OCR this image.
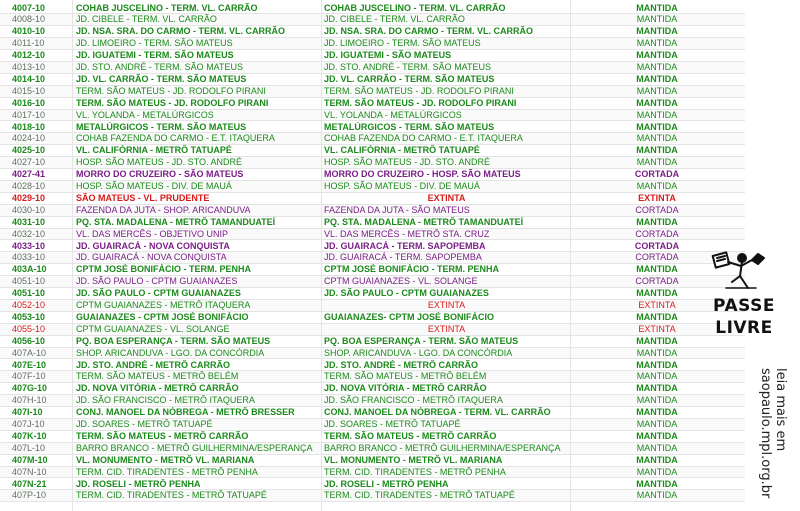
4007-10	COHAB JUSCELINO - TERM. VL. CARRÃO	COHAB JUSCELINO - TERM. VL. CARRÃO	MANTIDA
4008-10	JD. CIBELE - TERM. VL. CARRÃO	JD. CIBELE - TERM. VL. CARRÃO	MANTIDA
4010-10	JD. NSA. SRA. DO CARMO - TERM. VL. CARRÃO	JD. NSA. SRA. DO CARMO - TERM. VL. CARRÃO	MANTIDA
4011-10	JD. LIMOEIRO - TERM. SÃO MATEUS	JD. LIMOEIRO - TERM. SÃO MATEUS	MANTIDA
4012-10	JD. IGUATEMI - TERM. SÃO MATEUS	JD. IGUATEMI - SÃO MATEUS	MANTIDA
4013-10	JD. STO. ANDRÉ - TERM. SÃO MATEUS	JD. STO. ANDRÉ - TERM. SÃO MATEUS	MANTIDA
4014-10	JD. VL. CARRÃO - TERM. SÃO MATEUS	JD. VL. CARRÃO - TERM. SÃO MATEUS	MANTIDA
4015-10	TERM. SÃO MATEUS - JD. RODOLFO PIRANI	TERM. SÃO MATEUS - JD. RODOLFO PIRANI	MANTIDA
4016-10	TERM. SÃO MATEUS - JD. RODOLFO PIRANI	TERM. SÃO MATEUS - JD. RODOLFO PIRANI	MANTIDA
4017-10	VL. YOLANDA - METALÚRGICOS	VL. YOLANDA - METALÚRGICOS	MANTIDA
4018-10	METALÚRGICOS - TERM. SÃO MATEUS	METALÚRGICOS - TERM. SÃO MATEUS	MANTIDA
4024-10	COHAB FAZENDA DO CARMO - E.T. ITAQUERA	COHAB FAZENDA DO CARMO - E.T. ITAQUERA	MANTIDA
4025-10	VL. CALIFÓRNIA - METRÔ TATUAPÉ	VL. CALIFÓRNIA - METRÔ TATUAPÉ	MANTIDA
4027-10	HOSP. SÃO MATEUS - JD. STO. ANDRÉ	HOSP. SÃO MATEUS - JD. STO. ANDRÉ	MANTIDA
4027-41	MORRO DO CRUZEIRO - SÃO MATEUS	MORRO DO CRUZEIRO - HOSP. SÃO MATEUS	CORTADA
4028-10	HOSP. SÃO MATEUS - DIV. DE MAUÁ	HOSP. SÃO MATEUS - DIV. DE MAUÁ	MANTIDA
4029-10	SÃO MATEUS - VL. PRUDENTE	EXTINTA	EXTINTA
4030-10	FAZENDA DA JUTA - SHOP. ARICANDUVA	FAZENDA DA JUTA - SÃO MATEUS	CORTADA
4031-10	PQ. STA. MADALENA - METRÔ TAMANDUATEÍ	PQ. STA. MADALENA - METRÔ TAMANDUATEÍ	MANTIDA
4032-10	VL. DAS MERCÊS - OBJETIVO UNIP	VL. DAS MERCÊS - METRÔ STA. CRUZ	CORTADA
4033-10	JD. GUAIRACÁ - NOVA CONQUISTA	JD. GUAIRACÁ - TERM. SAPOPEMBA	CORTADA
4033-10	JD. GUAIRACÁ - NOVA CONQUISTA	JD. GUAIRACÁ - TERM. SAPOPEMBA	CORTADA
403A-10	CPTM JOSÉ BONIFÁCIO - TERM. PENHA	CPTM JOSÉ BONIFÁCIO - TERM. PENHA	MANTIDA
4051-10	JD. SÃO PAULO - CPTM GUAIANAZES	CPTM GUAIANAZES - VL. SOLANGE	CORTADA
4051-10	JD. SÃO PAULO - CPTM GUAIANAZES	JD. SÃO PAULO - CPTM GUAIANAZES	MANTIDA
4052-10	CPTM GUAIANAZES - METRÔ ITAQUERA	EXTINTA	EXTINTA
4053-10	GUAIANAZES - CPTM JOSÉ BONIFÁCIO	GUAIANAZES- CPTM JOSÉ BONIFÁCIO	MANTIDA
4055-10	CPTM GUAIANAZES - VL. SOLANGE	EXTINTA	EXTINTA
4056-10	PQ. BOA ESPERANÇA - TERM. SÃO MATEUS	PQ. BOA ESPERANÇA - TERM. SÃO MATEUS	MANTIDA
407A-10	SHOP. ARICANDUVA - LGO. DA CONCÓRDIA	SHOP. ARICANDUVA - LGO. DA CONCÓRDIA	MANTIDA
407E-10	JD. STO. ANDRÉ - METRÔ CARRÃO	JD. STO. ANDRÉ - METRÔ CARRÃO	MANTIDA
407F-10	TERM. SÃO MATEUS - METRÔ BELÉM	TERM. SÃO MATEUS - METRÔ BELÉM	MANTIDA
407G-10	JD. NOVA VITÓRIA - METRÔ CARRÃO	JD. NOVA VITÓRIA - METRÔ CARRÃO	MANTIDA
407H-10	JD. SÃO FRANCISCO - METRÔ ITAQUERA	JD. SÃO FRANCISCO - METRÔ ITAQUERA	MANTIDA
407I-10	CONJ. MANOEL DA NÓBREGA - METRÔ BRESSER	CONJ. MANOEL DA NÓBREGA - TERM. VL. CARRÃO	MANTIDA
407J-10	JD. SOARES - METRÔ TATUAPÉ	JD. SOARES - METRÔ TATUAPÉ	MANTIDA
407K-10	TERM. SÃO MATEUS - METRÔ CARRÃO	TERM. SÃO MATEUS - METRÔ CARRÃO	MANTIDA
407L-10	BARRO BRANCO - METRÔ GUILHERMINA/ESPERANÇA	BARRO BRANCO - METRÔ GUILHERMINA/ESPERANÇA	MANTIDA
407M-10	VL. MONUMENTO - METRÔ VL. MARIANA	VL. MONUMENTO - METRÔ VL. MARIANA	MANTIDA
407N-10	TERM. CID. TIRADENTES - METRÔ PENHA	TERM. CID. TIRADENTES - METRÔ PENHA	MANTIDA
407N-21	JD. ROSELI - METRÔ PENHA	JD. ROSELI - METRÔ PENHA	MANTIDA
407P-10	TERM. CID. TIRADENTES - METRÔ TATUAPÉ	TERM. CID. TIRADENTES - METRÔ TATUAPÉ	MANTIDA
PASSE
LIVRE
leia mais em
saopaulo.mpl.org.br
